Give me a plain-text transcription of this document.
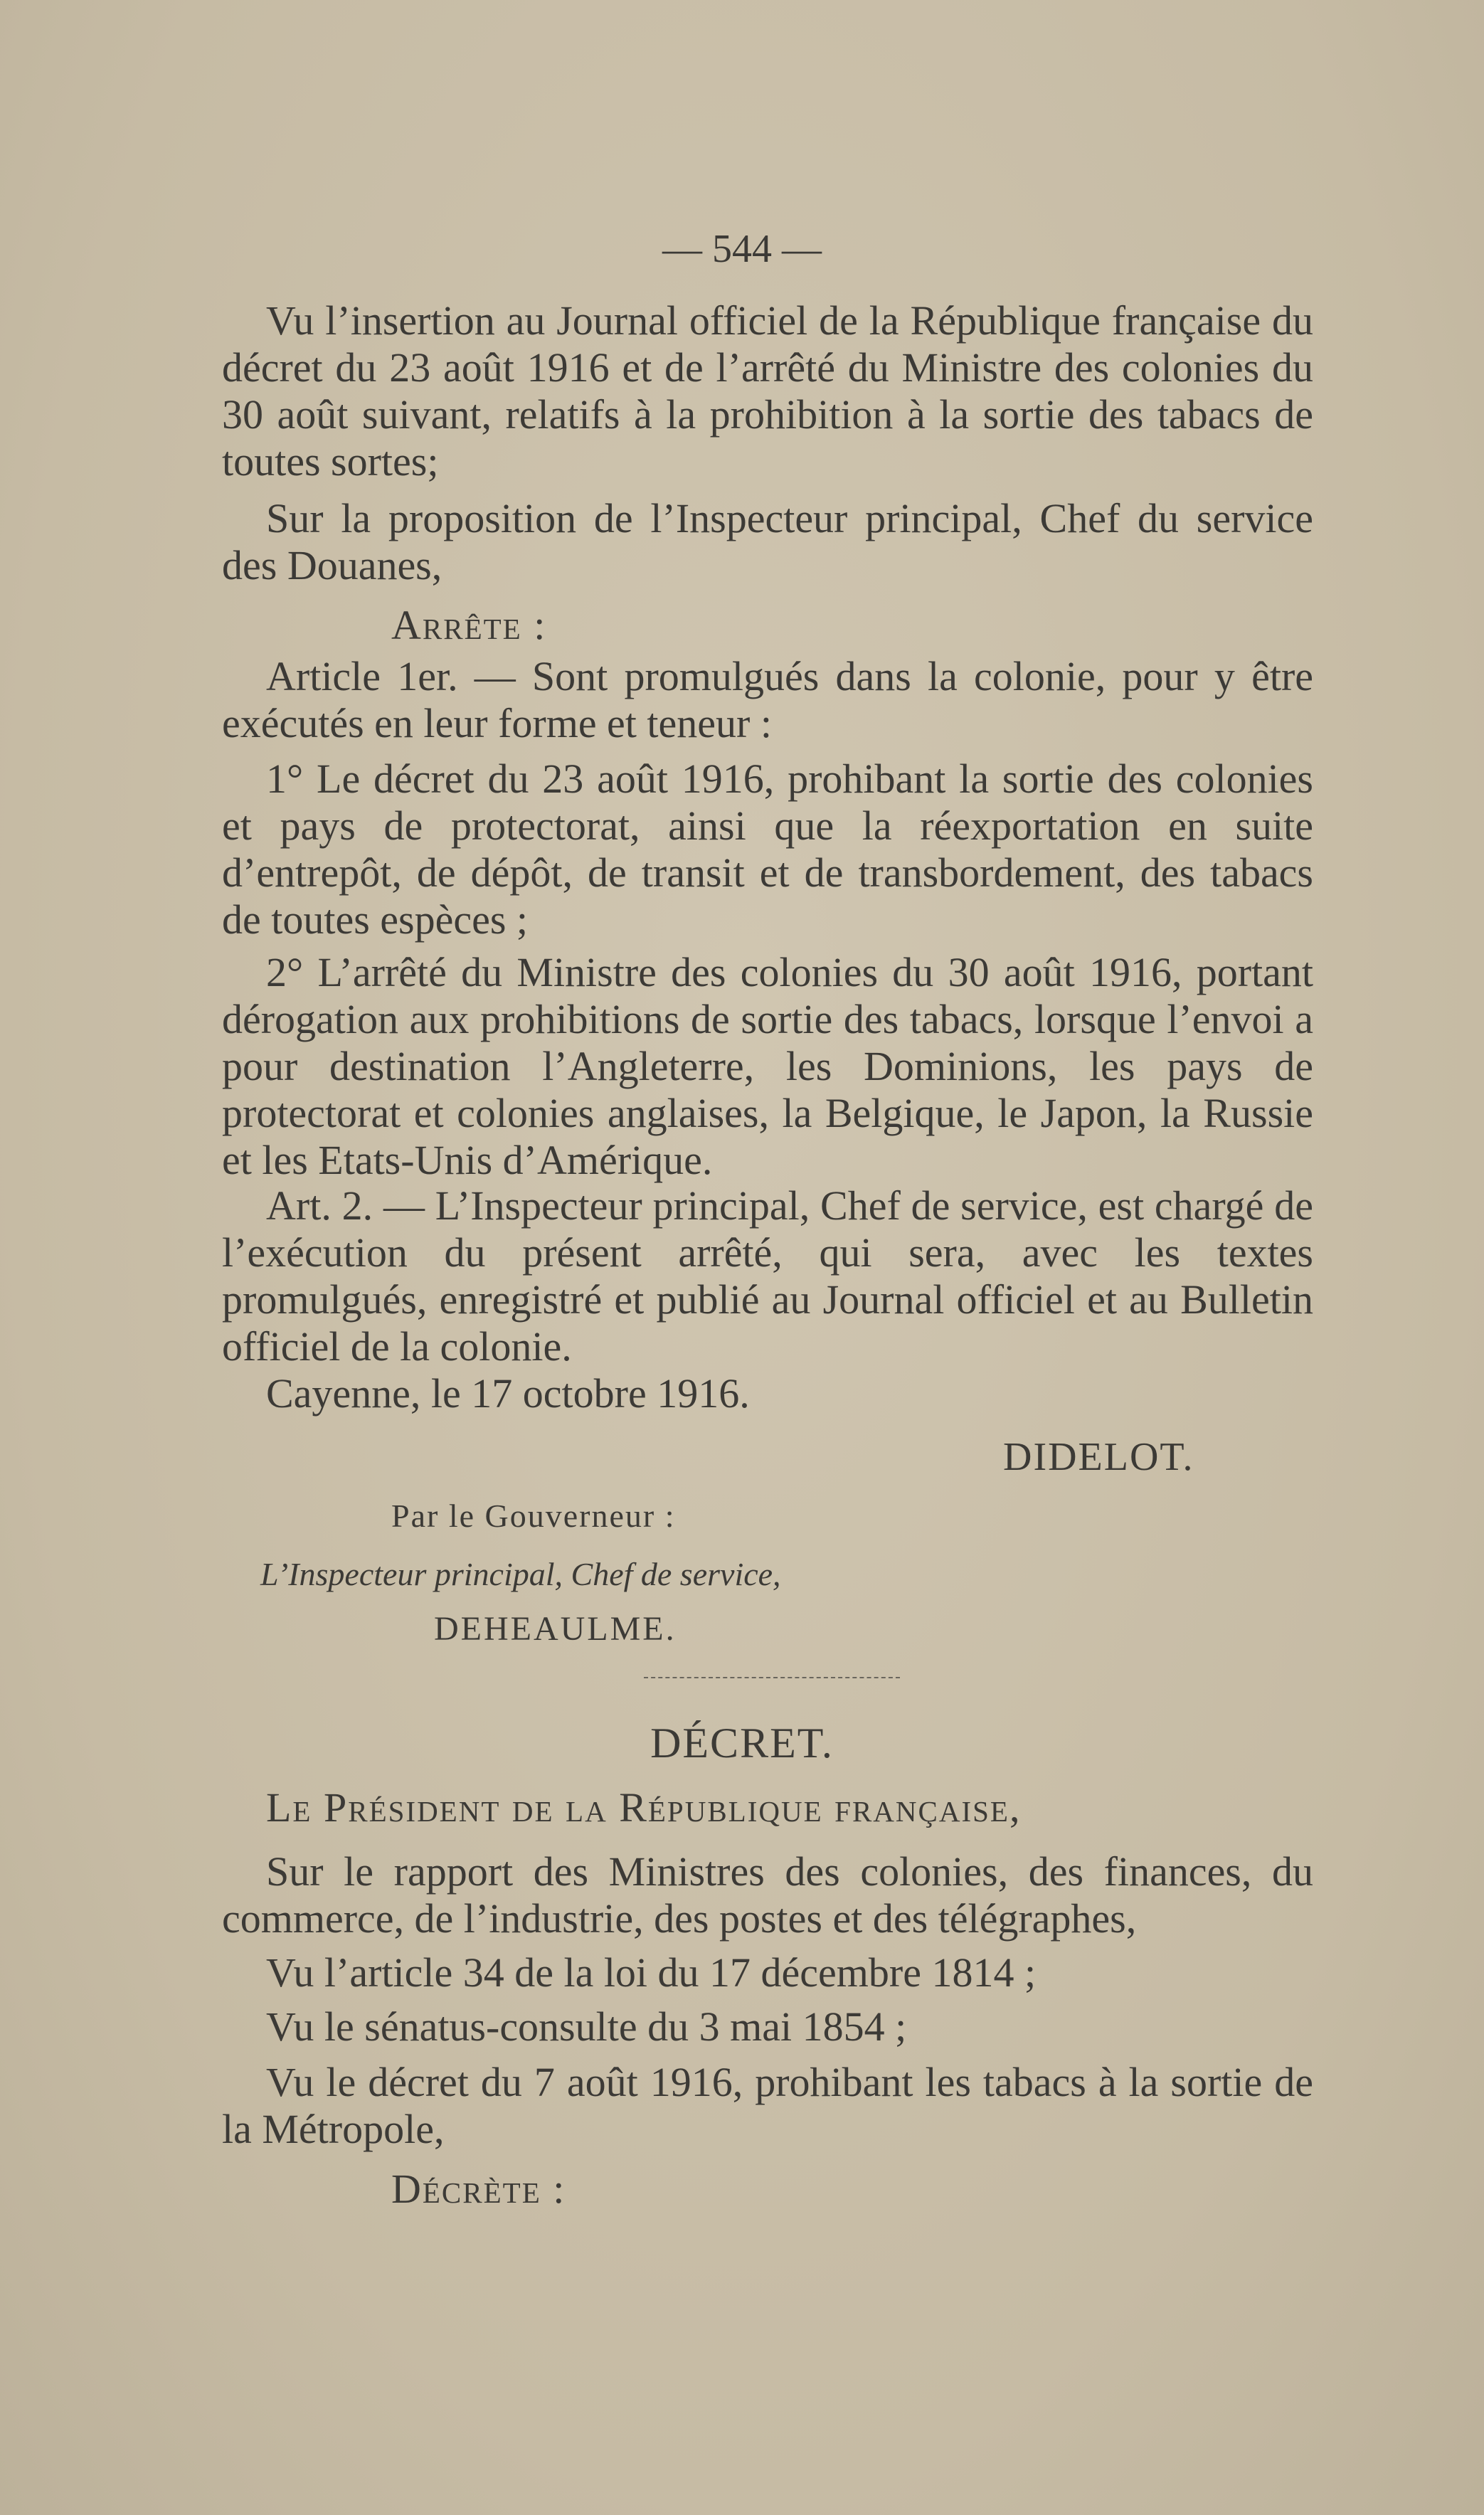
— 544 —
Vu l’insertion au Journal officiel de la République française du décret du 23 août 1916 et de l’arrêté du Ministre des colonies du 30 août suivant, relatifs à la prohibition à la sortie des tabacs de toutes sortes;
Sur la proposition de l’Inspecteur principal, Chef du service des Douanes,
Arrête :
Article 1er. — Sont promulgués dans la colonie, pour y être exécutés en leur forme et teneur :
1° Le décret du 23 août 1916, prohibant la sortie des colonies et pays de protectorat, ainsi que la réexportation en suite d’entrepôt, de dépôt, de transit et de transbordement, des tabacs de toutes espèces ;
2° L’arrêté du Ministre des colonies du 30 août 1916, portant dérogation aux prohibitions de sortie des tabacs, lorsque l’envoi a pour destination l’Angleterre, les Dominions, les pays de protectorat et colonies anglaises, la Belgique, le Japon, la Russie et les Etats-Unis d’Amérique.
Art. 2. — L’Inspecteur principal, Chef de service, est chargé de l’exécution du présent arrêté, qui sera, avec les textes promulgués, enregistré et publié au Journal officiel et au Bulletin officiel de la colonie.
Cayenne, le 17 octobre 1916.
DIDELOT.
Par le Gouverneur :
L’Inspecteur principal, Chef de service,
DEHEAULME.
DÉCRET.
Le Président de la République française,
Sur le rapport des Ministres des colonies, des finances, du commerce, de l’industrie, des postes et des télégraphes,
Vu l’article 34 de la loi du 17 décembre 1814 ;
Vu le sénatus-consulte du 3 mai 1854 ;
Vu le décret du 7 août 1916, prohibant les tabacs à la sortie de la Métropole,
Décrète :
